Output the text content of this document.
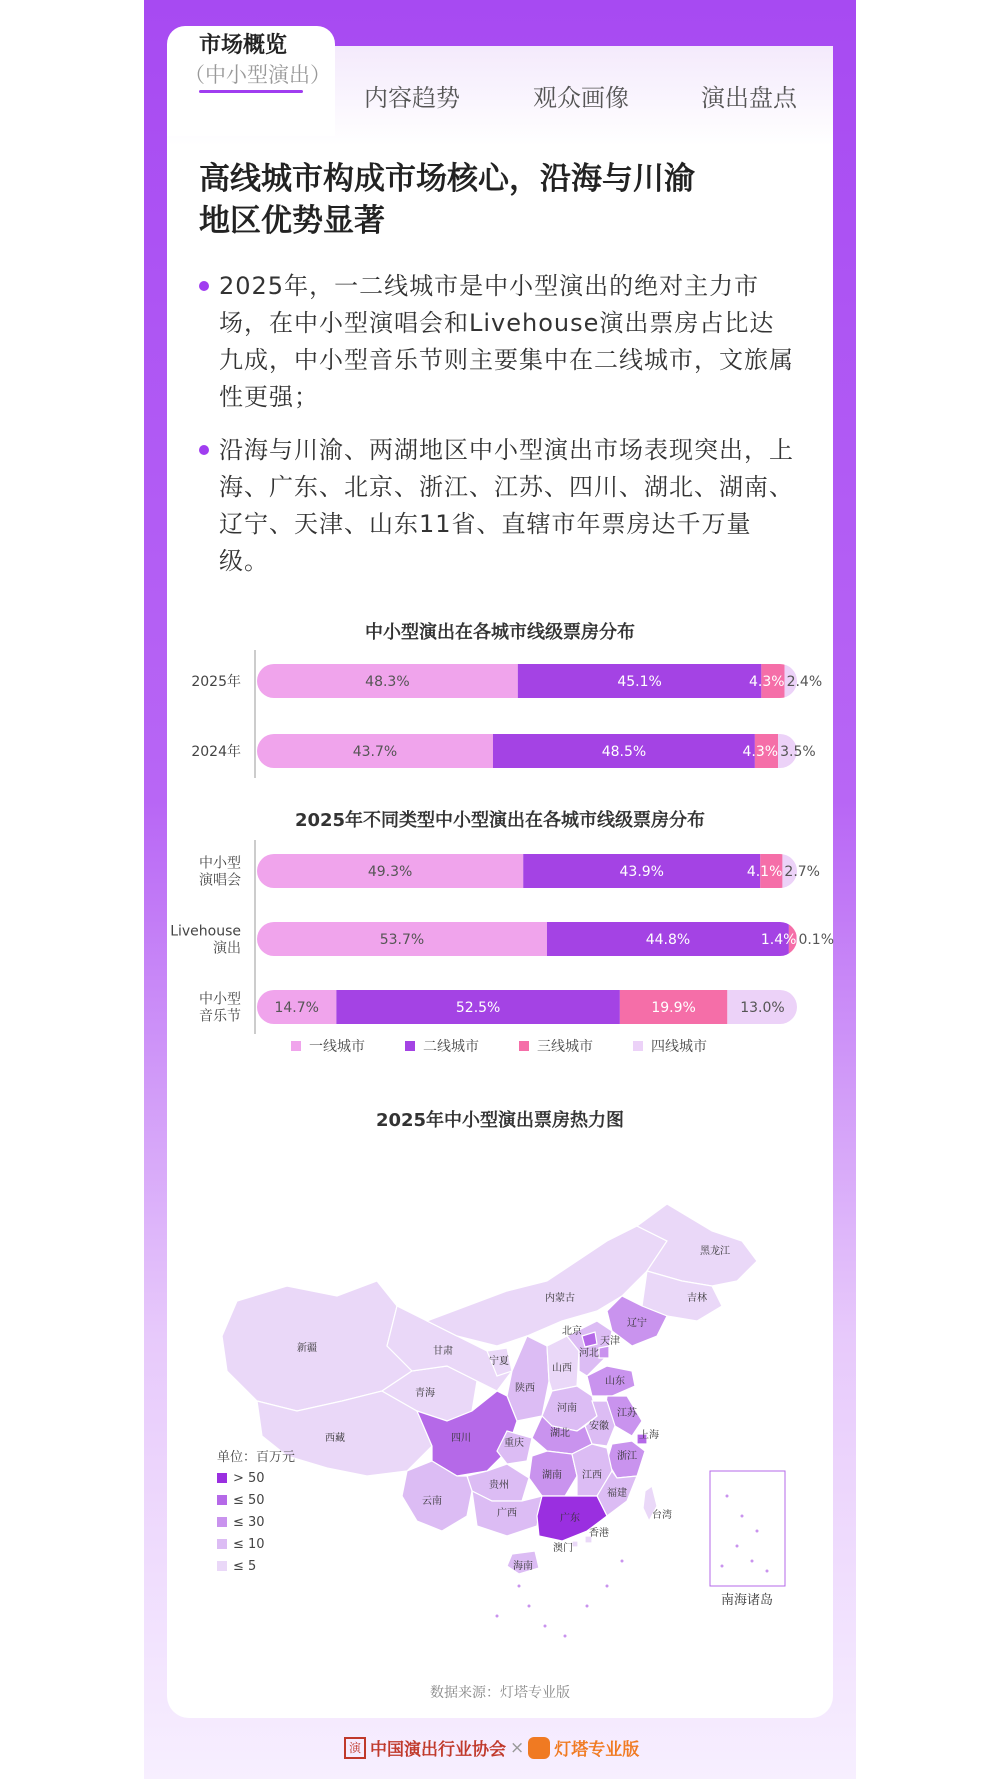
市场概览
（中小型演出）
内容趋势	观众画像	演出盘点
高线城市构成市场核心，沿海与川渝
地区优势显著
2025年，一二线城市是中小型演出的绝对主力市场，在中小型演唱会和Livehouse演出票房占比达九成，中小型音乐节则主要集中在二线城市，文旅属性更强；
沿海与川渝、两湖地区中小型演出市场表现突出，上海、广东、北京、浙江、江苏、四川、湖北、湖南、辽宁、天津、山东11省、直辖市年票房达千万量级。
中小型演出在各城市线级票房分布
2025年	48.3%	45.1%	4.3% 2.4%
2024年	43.7%	48.5%	4.3% 3.5%
2025年不同类型中小型演出在各城市线级票房分布
中小型
演唱会
49.3%	43.9%	4.1% 2.7%
Livehouse
演出
53.7%	44.8%	1.4% 0.1%
中小型
音乐节
14.7%	52.5%	19.9%	13.0%
一线城市	二线城市	三线城市	四线城市
2025年中小型演出票房热力图
黑龙江
吉林
辽宁
内蒙古
新疆
西藏
青海
甘肃
宁夏
陕西
山西
河北
北京
天津
山东
河南	江苏
安徽
上海
浙江
湖北
四川	重庆
湖南 江西
福建
贵州
云南
广西	广东
香港
澳门
海南
台湾
南海诸岛
单位：百万元
> 50
≤ 50
≤ 30
≤ 10
≤ 5
数据来源：灯塔专业版
演 中国演出行业协会 × 灯塔专业版
